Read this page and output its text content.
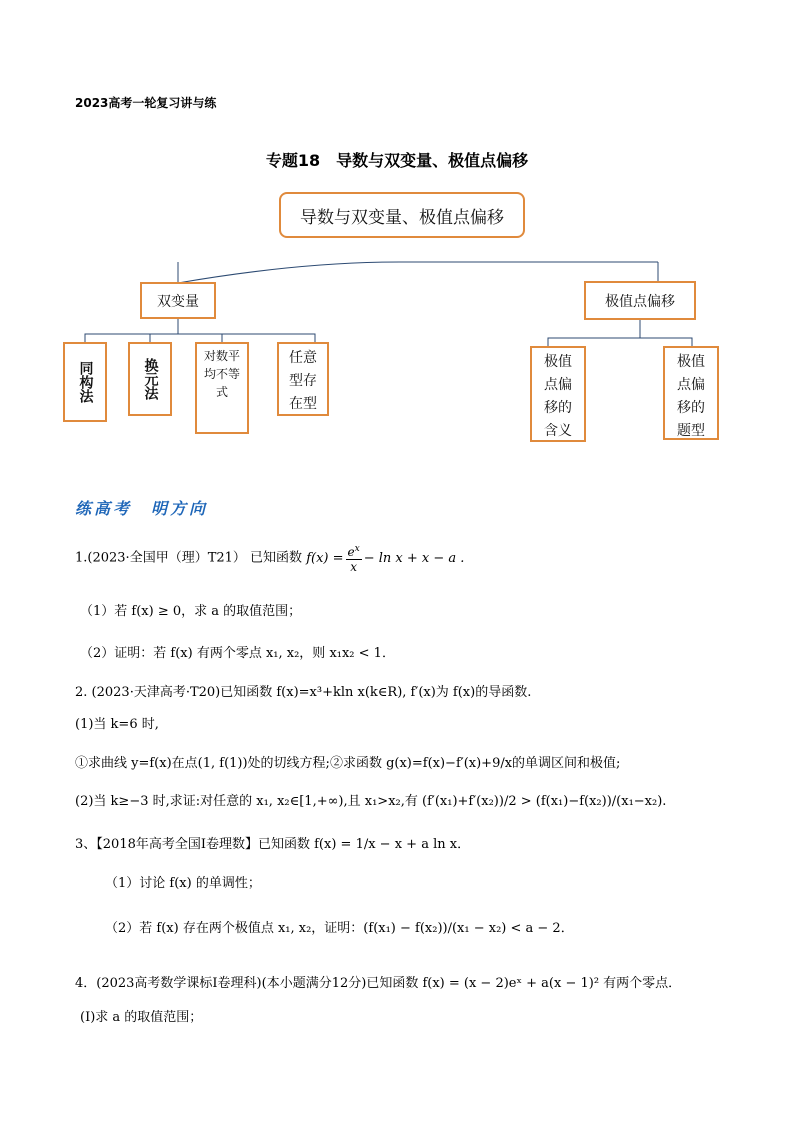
2023高考一轮复习讲与练
专题18　导数与双变量、极值点偏移
导数与双变量、极值点偏移
双变量	极值点偏移
同构法	换元法
对数平均不等式
任意型存在型
极值点偏移的含义
极值点偏移的题型
练高考　明方向
1.(2023·全国甲（理）T21） 已知函数 $f(x) = \frac{e^x}{x} - \ln x + x - a$ .
（1）若 f(x) ≥ 0，求 a 的取值范围；
（2）证明：若 f(x) 有两个零点 x₁, x₂，则 x₁x₂ < 1．
2. (2023·天津高考·T20)已知函数 f(x)=x³+kln x(k∈R), f′(x)为 f(x)的导函数.
(1)当 k=6 时,
①求曲线 y=f(x)在点(1, f(1))处的切线方程;②求函数 g(x)=f(x)−f′(x)+9/x的单调区间和极值;
(2)当 k≥−3 时,求证:对任意的 x₁, x₂∈[1,+∞),且 x₁>x₂,有 (f′(x₁)+f′(x₂))/2 > (f(x₁)−f(x₂))/(x₁−x₂).
3、【2018年高考全国Ⅰ卷理数】已知函数 f(x) = 1/x − x + a ln x．
（1）讨论 f(x) 的单调性；
（2）若 f(x) 存在两个极值点 x₁, x₂，证明：(f(x₁) − f(x₂))/(x₁ − x₂) < a − 2．
4．(2023高考数学课标Ⅰ卷理科)(本小题满分12分)已知函数 f(x) = (x − 2)eˣ + a(x − 1)² 有两个零点．
(Ⅰ)求 a 的取值范围；
